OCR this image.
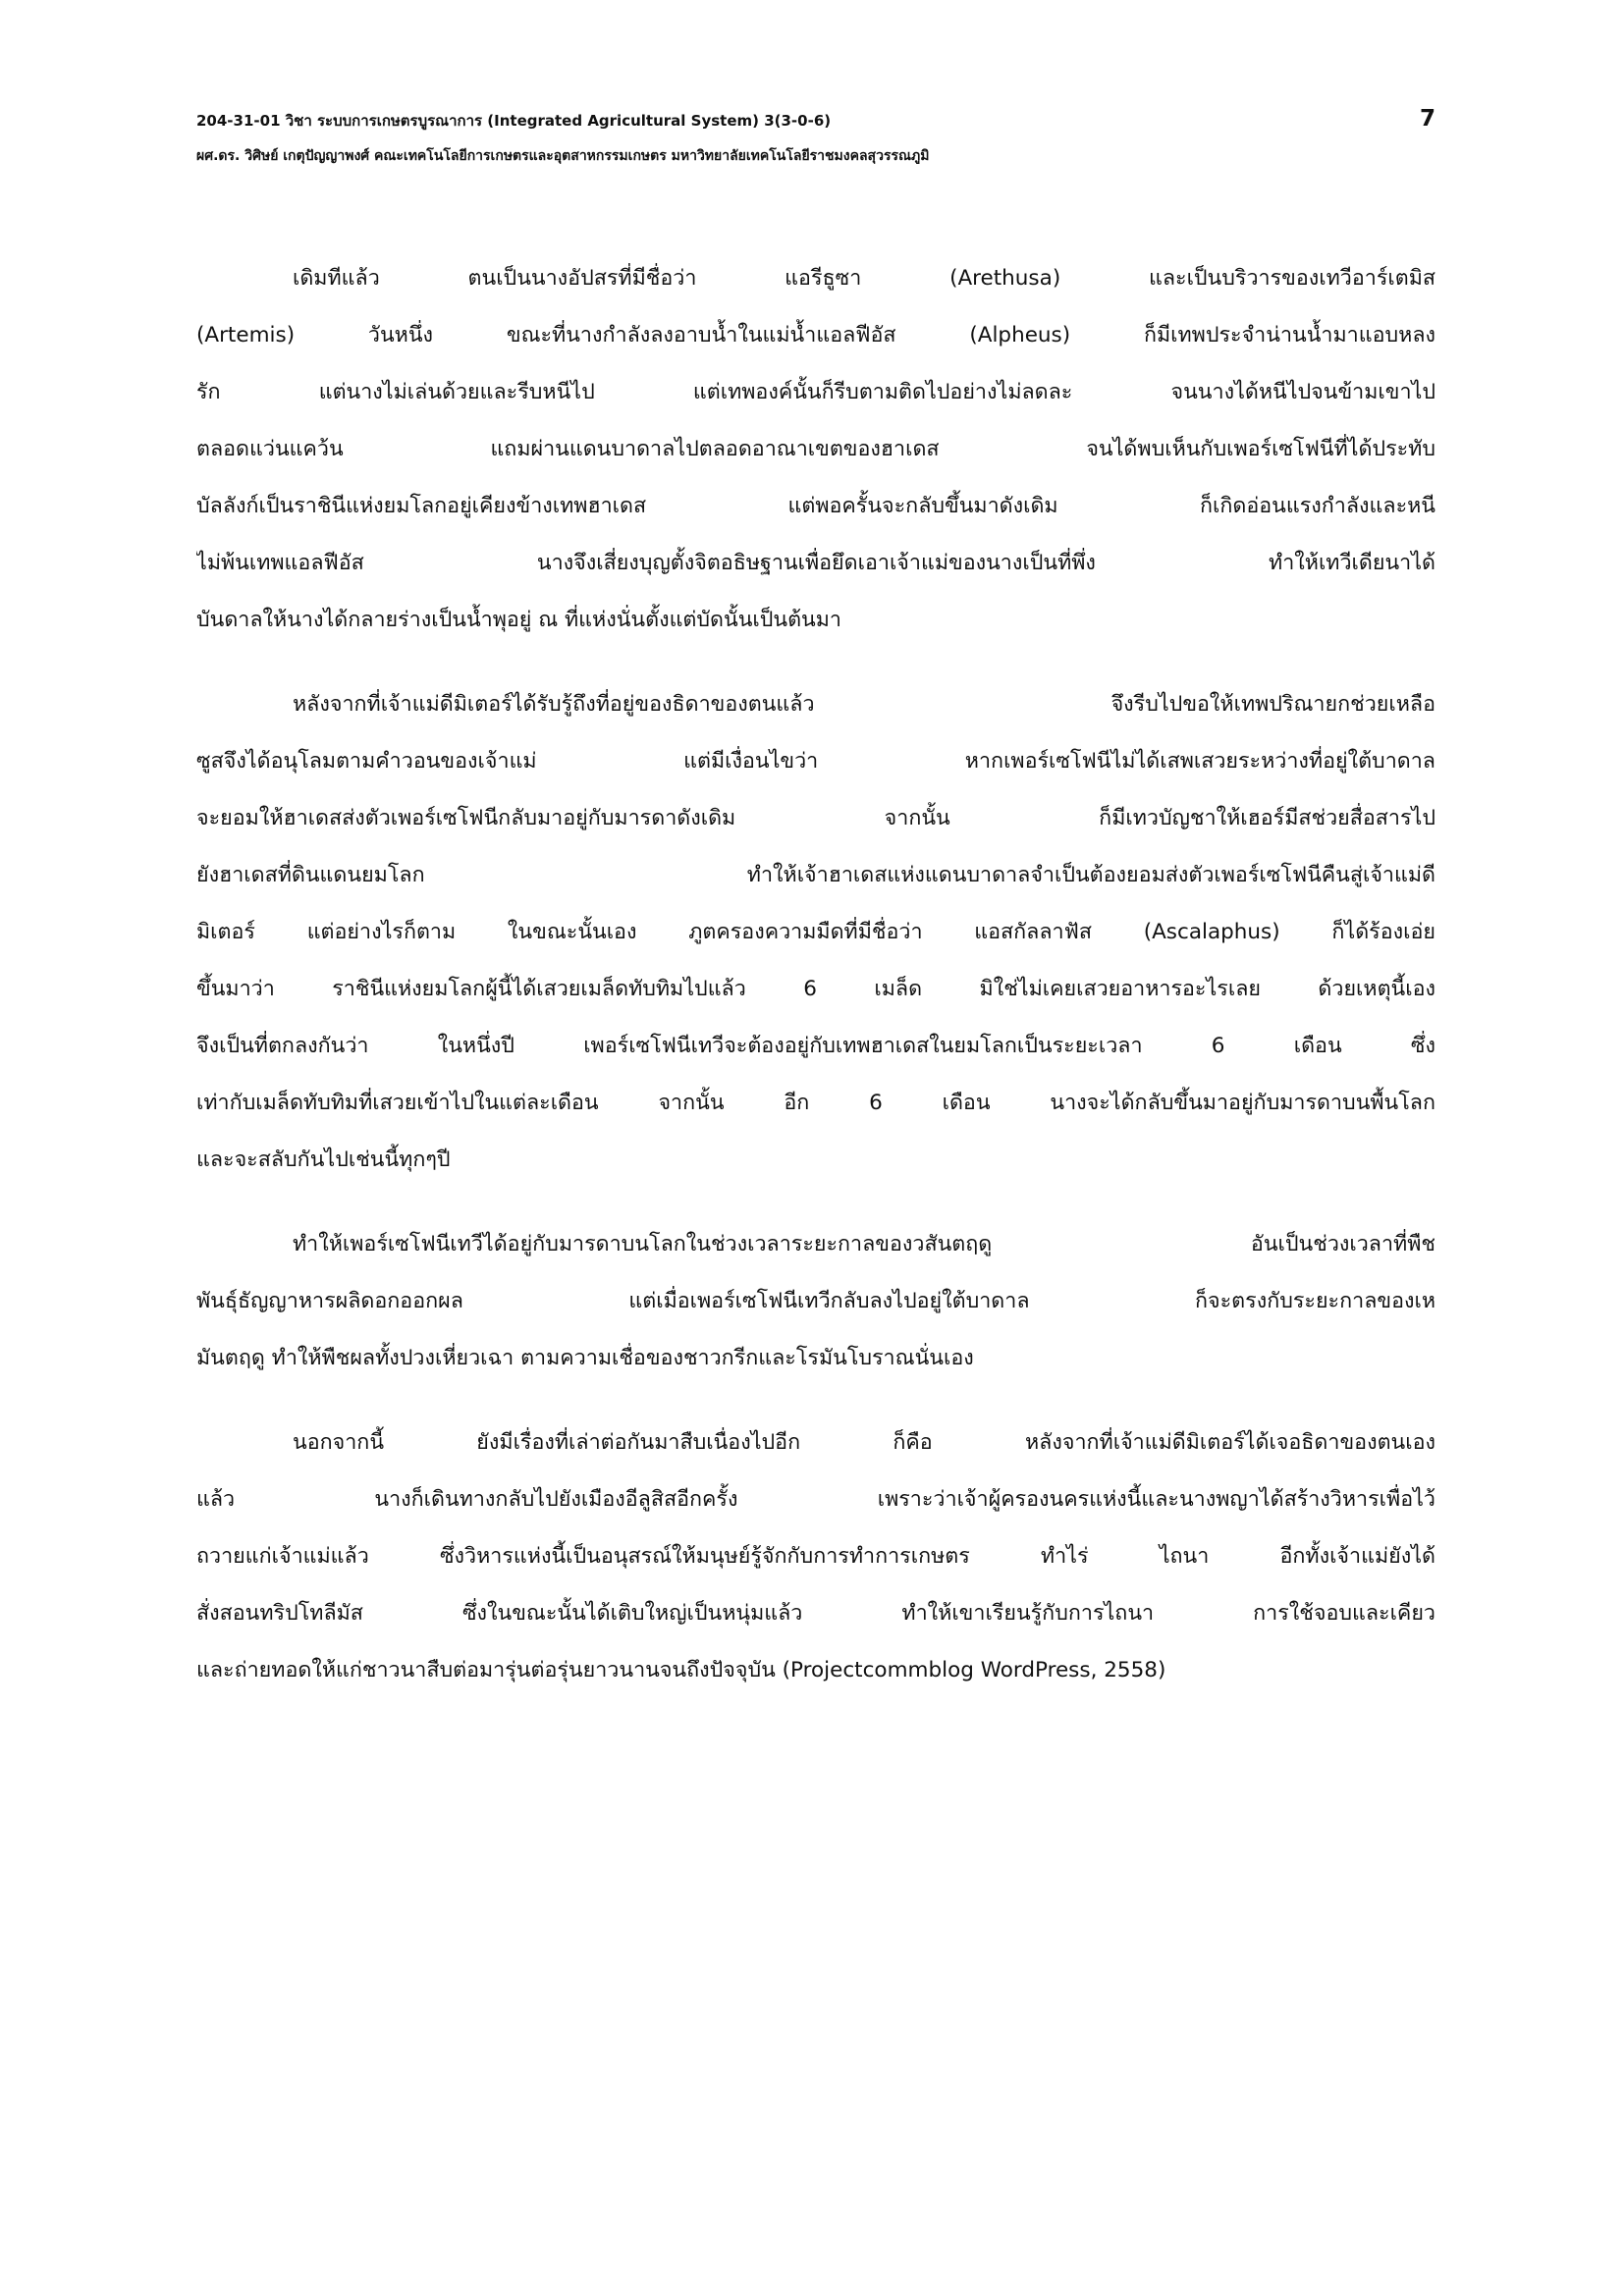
204-31-01 วิชา ระบบการเกษตรบูรณาการ (Integrated Agricultural System) 3(3-0-6)	7
ผศ.ดร. วิศิษย์ เกตุปัญญาพงศ์ คณะเทคโนโลยีการเกษตรและอุตสาหกรรมเกษตร มหาวิทยาลัยเทคโนโลยีราชมงคลสุวรรณภูมิ
เดิมทีแล้ว ตนเป็นนางอัปสรที่มีชื่อว่า แอรีธูซา (Arethusa) และเป็นบริวารของเทวีอาร์เตมิส
(Artemis) วันหนึ่ง ขณะที่นางกำลังลงอาบน้ำในแม่น้ำแอลฟีอัส (Alpheus) ก็มีเทพประจำน่านน้ำมาแอบหลง
รัก แต่นางไม่เล่นด้วยและรีบหนีไป แต่เทพองค์นั้นก็รีบตามติดไปอย่างไม่ลดละ จนนางได้หนีไปจนข้ามเขาไป
ตลอดแว่นแคว้น แถมผ่านแดนบาดาลไปตลอดอาณาเขตของฮาเดส จนได้พบเห็นกับเพอร์เซโฟนีที่ได้ประทับ
บัลลังก์เป็นราชินีแห่งยมโลกอยู่เคียงข้างเทพฮาเดส แต่พอครั้นจะกลับขึ้นมาดังเดิม ก็เกิดอ่อนแรงกำลังและหนี
ไม่พ้นเทพแอลฟีอัส นางจึงเสี่ยงบุญตั้งจิตอธิษฐานเพื่อยึดเอาเจ้าแม่ของนางเป็นที่พึ่ง ทำให้เทวีเดียนาได้
บันดาลให้นางได้กลายร่างเป็นน้ำพุอยู่ ณ ที่แห่งนั่นตั้งแต่บัดนั้นเป็นต้นมา
หลังจากที่เจ้าแม่ดีมิเตอร์ได้รับรู้ถึงที่อยู่ของธิดาของตนแล้ว จึงรีบไปขอให้เทพปริณายกช่วยเหลือ
ซูสจึงได้อนุโลมตามคำวอนของเจ้าแม่ แต่มีเงื่อนไขว่า หากเพอร์เซโฟนีไม่ได้เสพเสวยระหว่างที่อยู่ใต้บาดาล
จะยอมให้ฮาเดสส่งตัวเพอร์เซโฟนีกลับมาอยู่กับมารดาดังเดิม จากนั้น ก็มีเทวบัญชาให้เฮอร์มีสช่วยสื่อสารไป
ยังฮาเดสที่ดินแดนยมโลก ทำให้เจ้าฮาเดสแห่งแดนบาดาลจำเป็นต้องยอมส่งตัวเพอร์เซโฟนีคืนสู่เจ้าแม่ดี
มิเตอร์ แต่อย่างไรก็ตาม ในขณะนั้นเอง ภูตครองความมืดที่มีชื่อว่า แอสกัลลาฟัส (Ascalaphus) ก็ได้ร้องเอ่ย
ขึ้นมาว่า ราชินีแห่งยมโลกผู้นี้ได้เสวยเมล็ดทับทิมไปแล้ว 6 เมล็ด มิใช่ไม่เคยเสวยอาหารอะไรเลย ด้วยเหตุนี้เอง
จึงเป็นที่ตกลงกันว่า ในหนึ่งปี เพอร์เซโฟนีเทวีจะต้องอยู่กับเทพฮาเดสในยมโลกเป็นระยะเวลา 6 เดือน ซึ่ง
เท่ากับเมล็ดทับทิมที่เสวยเข้าไปในแต่ละเดือน จากนั้น อีก 6 เดือน นางจะได้กลับขึ้นมาอยู่กับมารดาบนพื้นโลก
และจะสลับกันไปเช่นนี้ทุกๆปี
ทำให้เพอร์เซโฟนีเทวีได้อยู่กับมารดาบนโลกในช่วงเวลาระยะกาลของวสันตฤดู อันเป็นช่วงเวลาที่พืช
พันธุ์ธัญญาหารผลิดอกออกผล แต่เมื่อเพอร์เซโฟนีเทวีกลับลงไปอยู่ใต้บาดาล ก็จะตรงกับระยะกาลของเห
มันตฤดู ทำให้พืชผลทั้งปวงเหี่ยวเฉา ตามความเชื่อของชาวกรีกและโรมันโบราณนั่นเอง
นอกจากนี้ ยังมีเรื่องที่เล่าต่อกันมาสืบเนื่องไปอีก ก็คือ หลังจากที่เจ้าแม่ดีมิเตอร์ได้เจอธิดาของตนเอง
แล้ว นางก็เดินทางกลับไปยังเมืองอีลูสิสอีกครั้ง เพราะว่าเจ้าผู้ครองนครแห่งนี้และนางพญาได้สร้างวิหารเพื่อไว้
ถวายแก่เจ้าแม่แล้ว ซึ่งวิหารแห่งนี้เป็นอนุสรณ์ให้มนุษย์รู้จักกับการทำการเกษตร ทำไร่ ไถนา อีกทั้งเจ้าแม่ยังได้
สั่งสอนทริปโทลีมัส ซึ่งในขณะนั้นได้เติบใหญ่เป็นหนุ่มแล้ว ทำให้เขาเรียนรู้กับการไถนา การใช้จอบและเคียว
และถ่ายทอดให้แก่ชาวนาสืบต่อมารุ่นต่อรุ่นยาวนานจนถึงปัจจุบัน (Projectcommblog WordPress, 2558)
